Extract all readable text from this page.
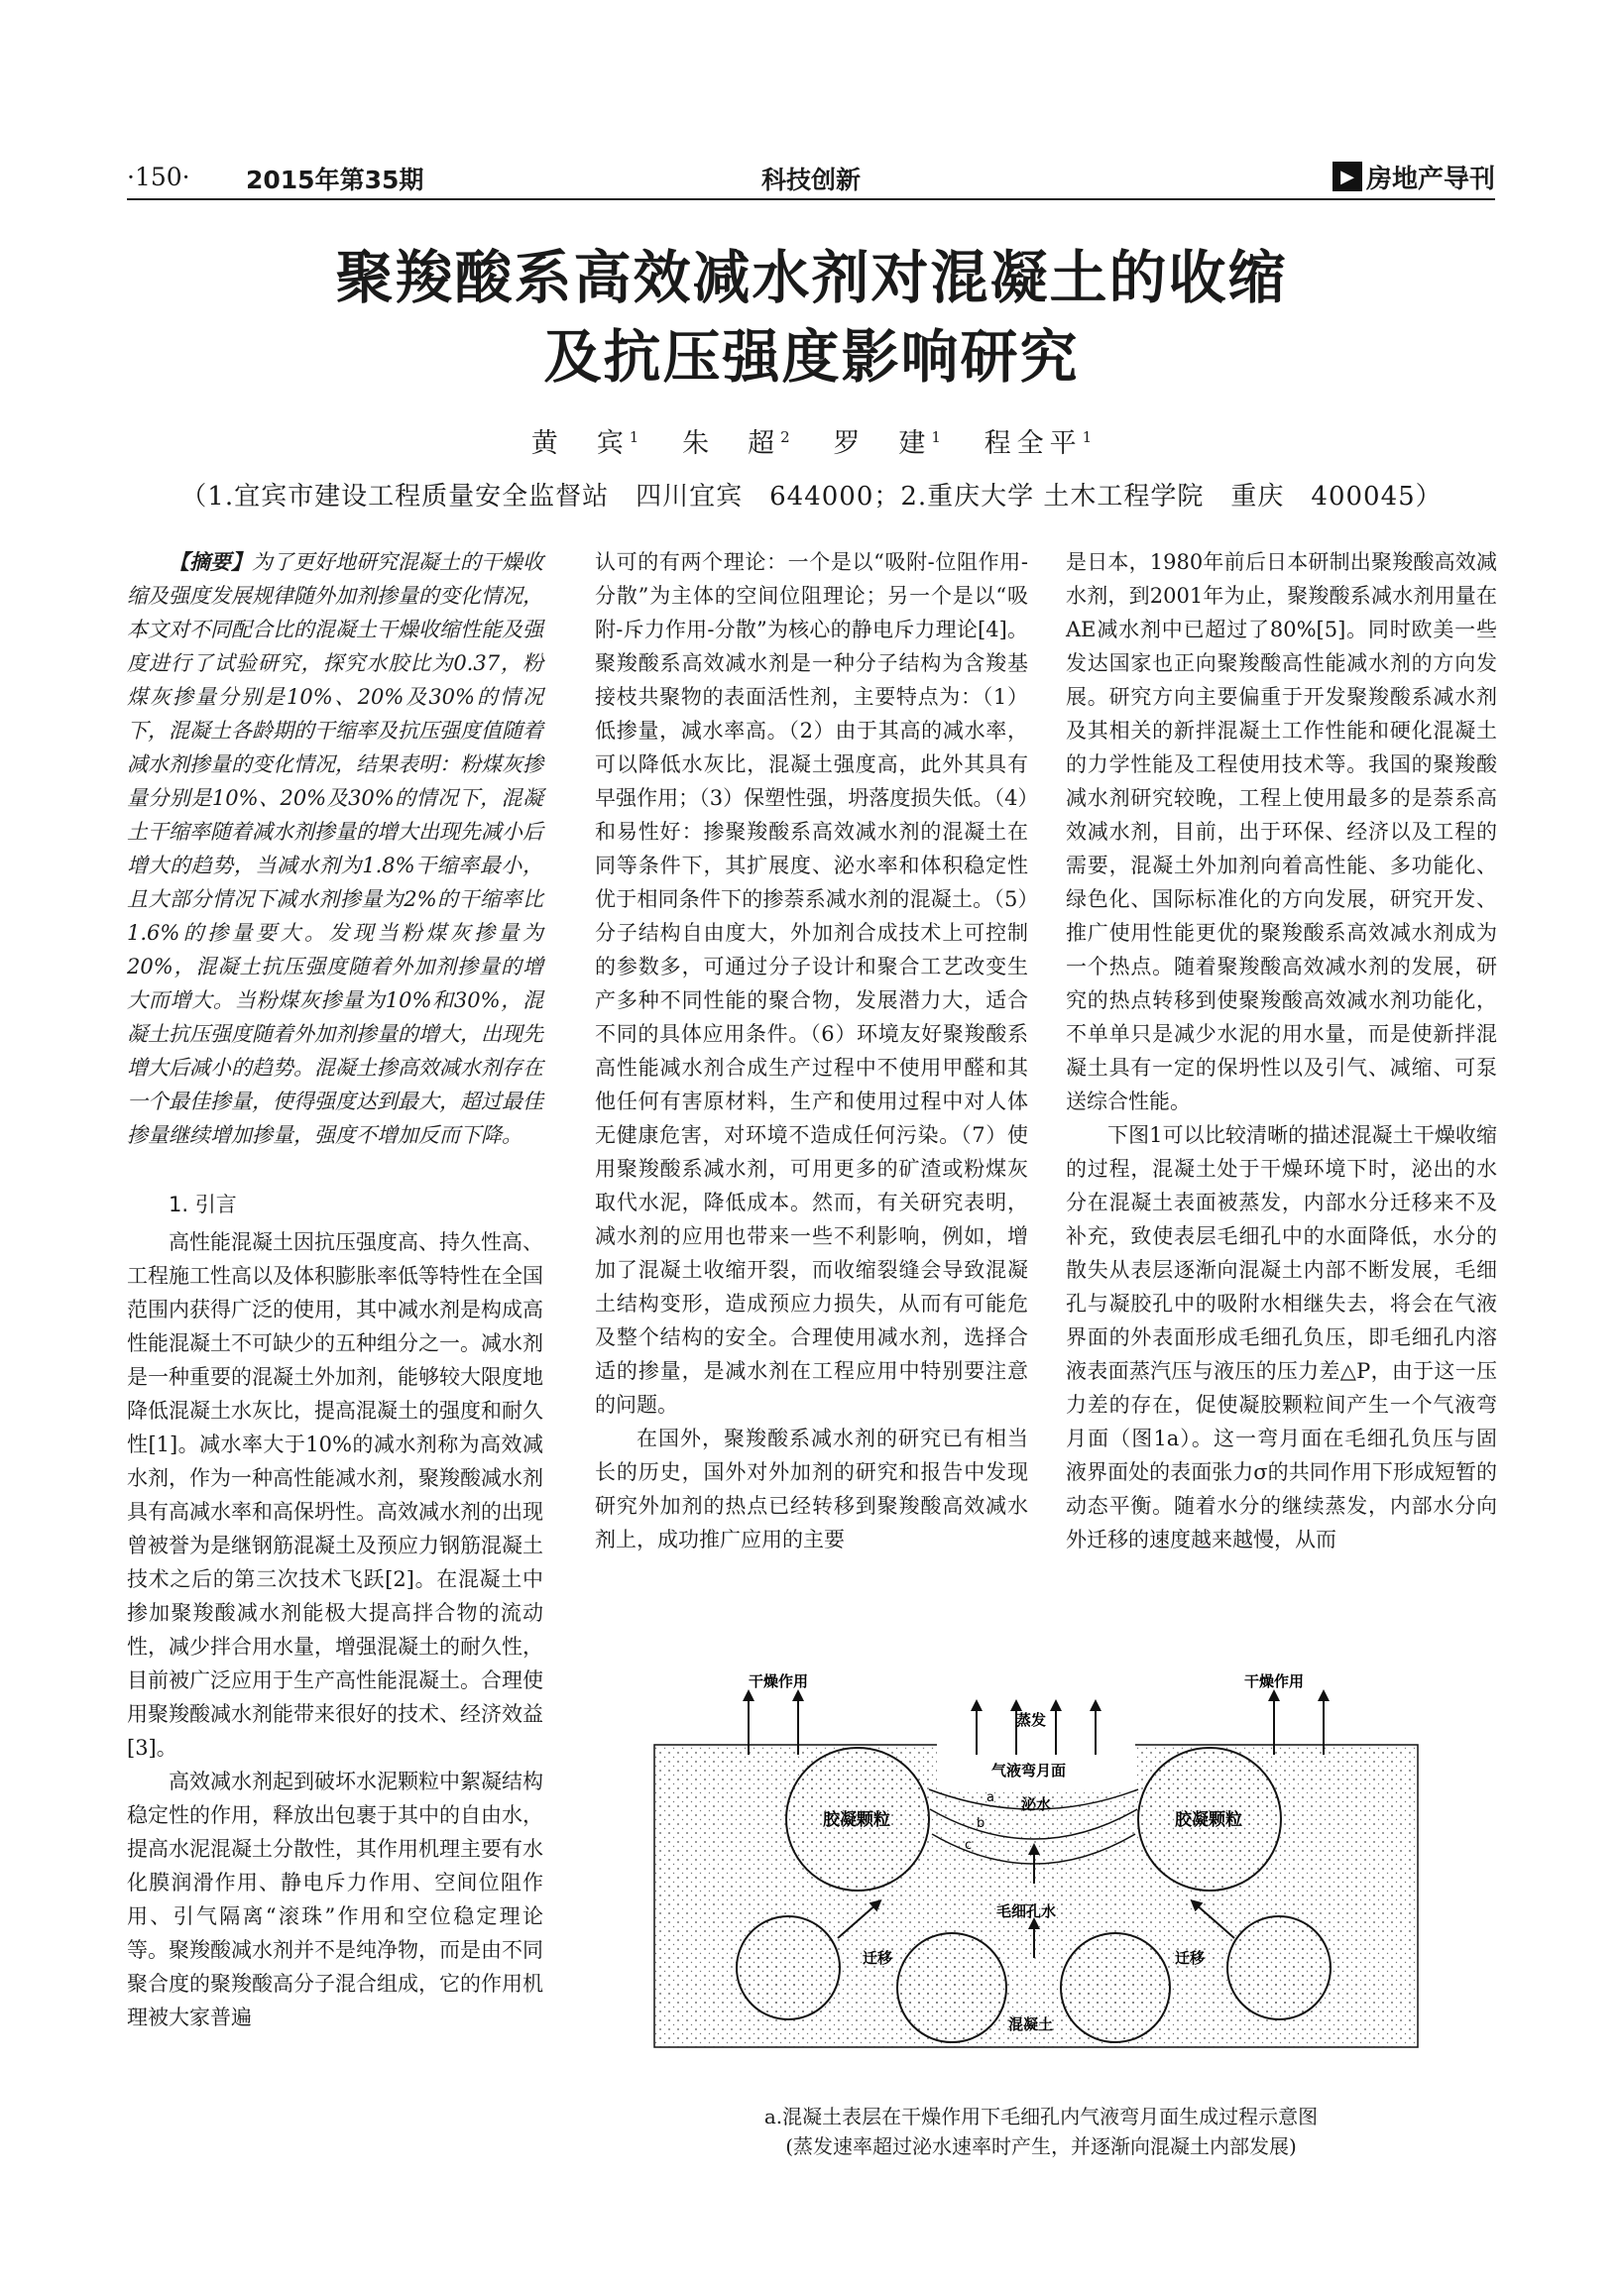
·150· 2015年第35期	科技创新	▶ 房地产导刊
聚羧酸系高效减水剂对混凝土的收缩
及抗压强度影响研究
黄　宾$^1$ 朱　超$^2$ 罗　建$^1$ 程全平$^1$
（1.宜宾市建设工程质量安全监督站　四川宜宾　644000；2.重庆大学 土木工程学院　重庆　400045）

【摘要】为了更好地研究混凝土的干燥收缩及强度发展规律随外加剂掺量的变化情况，本文对不同配合比的混凝土干燥收缩性能及强度进行了试验研究，探究水胶比为0.37，粉煤灰掺量分别是10%、20%及30%的情况下，混凝土各龄期的干缩率及抗压强度值随着减水剂掺量的变化情况，结果表明：粉煤灰掺量分别是10%、20%及30%的情况下，混凝土干缩率随着减水剂掺量的增大出现先减小后增大的趋势，当减水剂为1.8%干缩率最小，且大部分情况下减水剂掺量为2%的干缩率比1.6%的掺量要大。发现当粉煤灰掺量为20%，混凝土抗压强度随着外加剂掺量的增大而增大。当粉煤灰掺量为10%和30%，混凝土抗压强度随着外加剂掺量的增大，出现先增大后减小的趋势。混凝土掺高效减水剂存在一个最佳掺量，使得强度达到最大，超过最佳掺量继续增加掺量，强度不增加反而下降。

1. 引言

高性能混凝土因抗压强度高、持久性高、工程施工性高以及体积膨胀率低等特性在全国范围内获得广泛的使用，其中减水剂是构成高性能混凝土不可缺少的五种组分之一。减水剂是一种重要的混凝土外加剂，能够较大限度地降低混凝土水灰比，提高混凝土的强度和耐久性[1]。减水率大于10%的减水剂称为高效减水剂，作为一种高性能减水剂，聚羧酸减水剂具有高减水率和高保坍性。高效减水剂的出现曾被誉为是继钢筋混凝土及预应力钢筋混凝土技术之后的第三次技术飞跃[2]。在混凝土中掺加聚羧酸减水剂能极大提高拌合物的流动性，减少拌合用水量，增强混凝土的耐久性，目前被广泛应用于生产高性能混凝土。合理使用聚羧酸减水剂能带来很好的技术、经济效益[3]。

高效减水剂起到破坏水泥颗粒中絮凝结构稳定性的作用，释放出包裹于其中的自由水，提高水泥混凝土分散性，其作用机理主要有水化膜润滑作用、静电斥力作用、空间位阻作用、引气隔离“滚珠”作用和空位稳定理论等。聚羧酸减水剂并不是纯净物，而是由不同聚合度的聚羧酸高分子混合组成，它的作用机理被大家普遍

认可的有两个理论：一个是以“吸附-位阻作用-分散”为主体的空间位阻理论；另一个是以“吸附-斥力作用-分散”为核心的静电斥力理论[4]。聚羧酸系高效减水剂是一种分子结构为含羧基接枝共聚物的表面活性剂，主要特点为：（1）低掺量，减水率高。（2）由于其高的减水率，可以降低水灰比，混凝土强度高，此外其具有早强作用；（3）保塑性强，坍落度损失低。（4）和易性好：掺聚羧酸系高效减水剂的混凝土在同等条件下，其扩展度、泌水率和体积稳定性优于相同条件下的掺萘系减水剂的混凝土。（5）分子结构自由度大，外加剂合成技术上可控制的参数多，可通过分子设计和聚合工艺改变生产多种不同性能的聚合物，发展潜力大，适合不同的具体应用条件。（6）环境友好聚羧酸系高性能减水剂合成生产过程中不使用甲醛和其他任何有害原材料，生产和使用过程中对人体无健康危害，对环境不造成任何污染。（7）使用聚羧酸系减水剂，可用更多的矿渣或粉煤灰取代水泥，降低成本。然而，有关研究表明，减水剂的应用也带来一些不利影响，例如，增加了混凝土收缩开裂，而收缩裂缝会导致混凝土结构变形，造成预应力损失，从而有可能危及整个结构的安全。合理使用减水剂，选择合适的掺量，是减水剂在工程应用中特别要注意的问题。

在国外，聚羧酸系减水剂的研究已有相当长的历史，国外对外加剂的研究和报告中发现研究外加剂的热点已经转移到聚羧酸高效减水剂上，成功推广应用的主要

是日本，1980年前后日本研制出聚羧酸高效减水剂，到2001年为止，聚羧酸系减水剂用量在AE减水剂中已超过了80%[5]。同时欧美一些发达国家也正向聚羧酸高性能减水剂的方向发展。研究方向主要偏重于开发聚羧酸系减水剂及其相关的新拌混凝土工作性能和硬化混凝土的力学性能及工程使用技术等。我国的聚羧酸减水剂研究较晚，工程上使用最多的是萘系高效减水剂，目前，出于环保、经济以及工程的需要，混凝土外加剂向着高性能、多功能化、绿色化、国际标准化的方向发展，研究开发、推广使用性能更优的聚羧酸系高效减水剂成为一个热点。随着聚羧酸高效减水剂的发展，研究的热点转移到使聚羧酸高效减水剂功能化，不单单只是减少水泥的用水量，而是使新拌混凝土具有一定的保坍性以及引气、减缩、可泵送综合性能。

下图1可以比较清晰的描述混凝土干燥收缩的过程，混凝土处于干燥环境下时，泌出的水分在混凝土表面被蒸发，内部水分迁移来不及补充，致使表层毛细孔中的水面降低，水分的散失从表层逐渐向混凝土内部不断发展，毛细孔与凝胶孔中的吸附水相继失去，将会在气液界面的外表面形成毛细孔负压，即毛细孔内溶液表面蒸汽压与液压的压力差△P，由于这一压力差的存在，促使凝胶颗粒间产生一个气液弯月面（图1a）。这一弯月面在毛细孔负压与固液界面处的表面张力σ的共同作用下形成短暂的动态平衡。随着水分的继续蒸发，内部水分向外迁移的速度越来越慢，从而

干燥作用	干燥作用
蒸发
气液弯月面
泌水
a
b
c
胶凝颗粒	胶凝颗粒
毛细孔水
迁移	迁移
混凝土
a.混凝土表层在干燥作用下毛细孔内气液弯月面生成过程示意图
(蒸发速率超过泌水速率时产生，并逐渐向混凝土内部发展)
